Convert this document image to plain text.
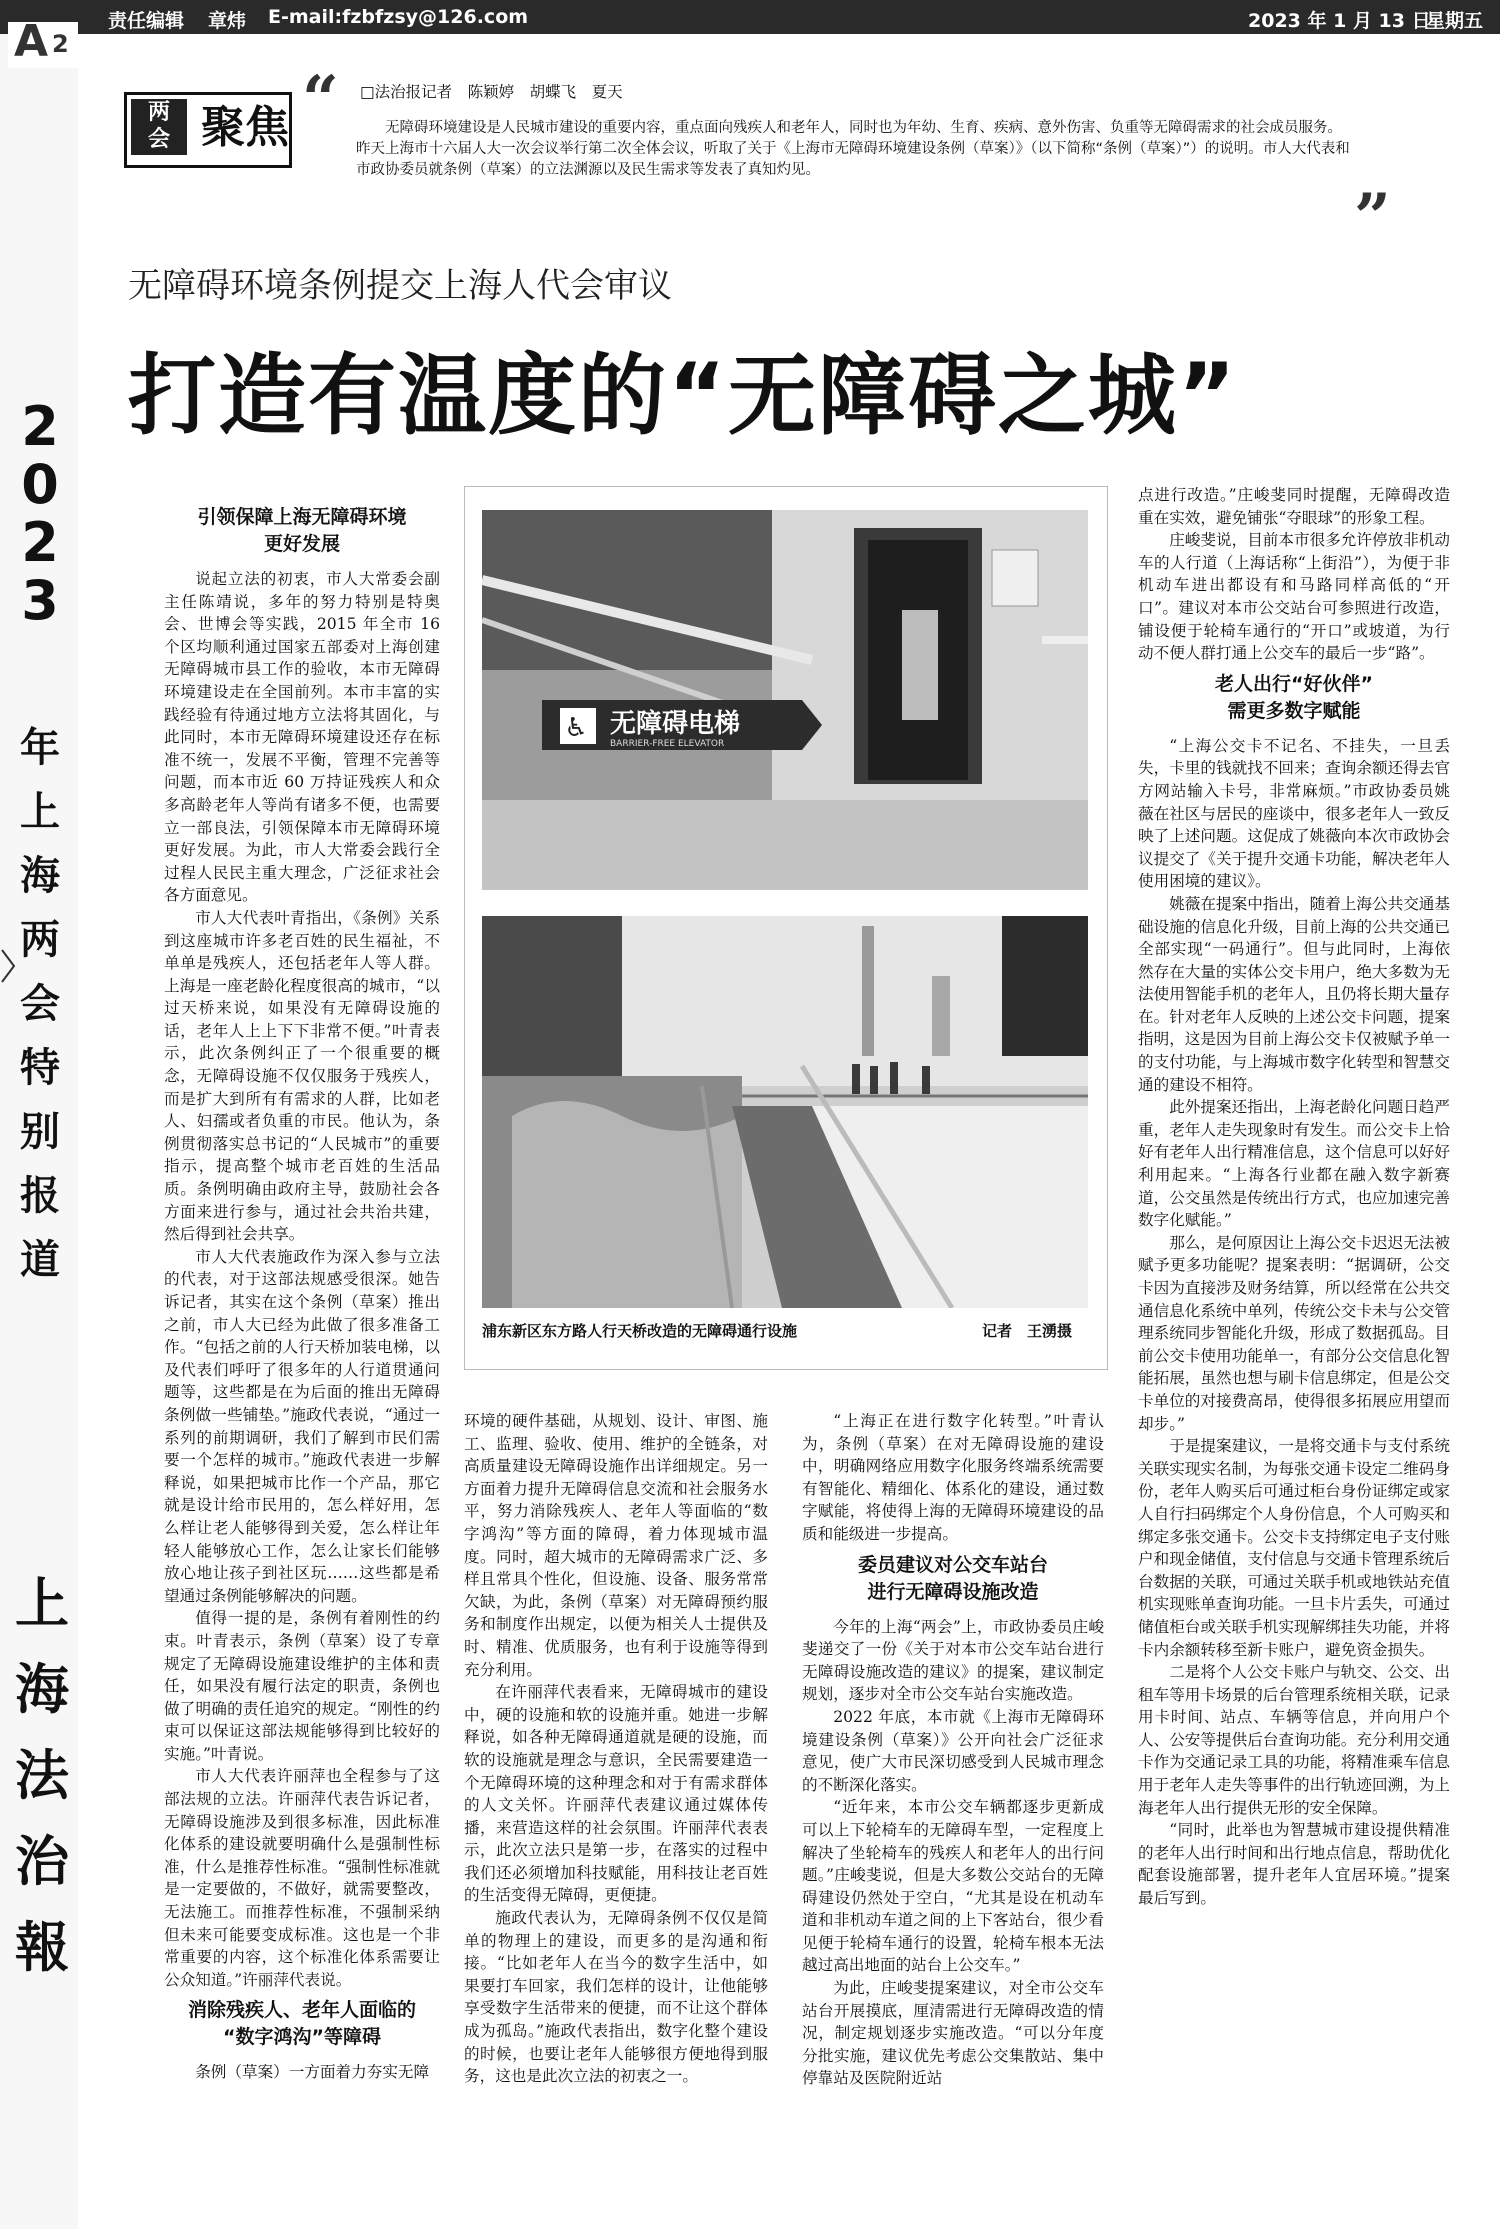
责任编辑 章炜 E-mail:fzbfzsy@126.com	2023 年 1 月 13 日
星期五
A 2
2
0
2
3
年
上
海
两
会
特
别
报
道
上
海
法
治
報
两
会 聚焦 “
”
□法治报记者　陈颖婷　胡蝶飞　夏天
无障碍环境建设是人民城市建设的重要内容，重点面向残疾人和老年人，同时也为年幼、生育、疾病、意外伤害、负重等无障碍需求的社会成员服务。昨天上海市十六届人大一次会议举行第二次全体会议，听取了关于《上海市无障碍环境建设条例（草案）》（以下简称“条例（草案）”）的说明。市人大代表和市政协委员就条例（草案）的立法渊源以及民生需求等发表了真知灼见。
无障碍环境条例提交上海人代会审议
打造有温度的“无障碍之城”
引领保障上海无障碍环境
更好发展

说起立法的初衷，市人大常委会副主任陈靖说，多年的努力特别是特奥会、世博会等实践，2015 年全市 16 个区均顺利通过国家五部委对上海创建无障碍城市县工作的验收，本市无障碍环境建设走在全国前列。本市丰富的实践经验有待通过地方立法将其固化，与此同时，本市无障碍环境建设还存在标准不统一，发展不平衡，管理不完善等问题，而本市近 60 万持证残疾人和众多高龄老年人等尚有诸多不便，也需要立一部良法，引领保障本市无障碍环境更好发展。为此，市人大常委会践行全过程人民民主重大理念，广泛征求社会各方面意见。

市人大代表叶青指出，《条例》关系到这座城市许多老百姓的民生福祉，不单单是残疾人，还包括老年人等人群。上海是一座老龄化程度很高的城市，“以过天桥来说，如果没有无障碍设施的话，老年人上上下下非常不便。”叶青表示，此次条例纠正了一个很重要的概念，无障碍设施不仅仅服务于残疾人，而是扩大到所有有需求的人群，比如老人、妇孺或者负重的市民。他认为，条例贯彻落实总书记的“人民城市”的重要指示，提高整个城市老百姓的生活品质。条例明确由政府主导，鼓励社会各方面来进行参与，通过社会共治共建，然后得到社会共享。

市人大代表施政作为深入参与立法的代表，对于这部法规感受很深。她告诉记者，其实在这个条例（草案）推出之前，市人大已经为此做了很多准备工作。“包括之前的人行天桥加装电梯，以及代表们呼吁了很多年的人行道贯通问题等，这些都是在为后面的推出无障碍条例做一些铺垫。”施政代表说，“通过一系列的前期调研，我们了解到市民们需要一个怎样的城市。”施政代表进一步解释说，如果把城市比作一个产品，那它就是设计给市民用的，怎么样好用，怎么样让老人能够得到关爱，怎么样让年轻人能够放心工作，怎么让家长们能够放心地让孩子到社区玩……这些都是希望通过条例能够解决的问题。

值得一提的是，条例有着刚性的约束。叶青表示，条例（草案）设了专章规定了无障碍设施建设维护的主体和责任，如果没有履行法定的职责，条例也做了明确的责任追究的规定。“刚性的约束可以保证这部法规能够得到比较好的实施。”叶青说。

市人大代表许丽萍也全程参与了这部法规的立法。许丽萍代表告诉记者，无障碍设施涉及到很多标准，因此标准化体系的建设就要明确什么是强制性标准，什么是推荐性标准。“强制性标准就是一定要做的，不做好，就需要整改，无法施工。而推荐性标准，不强制采纳但未来可能要变成标准。这也是一个非常重要的内容，这个标准化体系需要让公众知道。”许丽萍代表说。

消除残疾人、老年人面临的
“数字鸿沟”等障碍

条例（草案）一方面着力夯实无障

♿ 无障碍电梯
BARRIER-FREE ELEVATOR
浦东新区东方路人行天桥改造的无障碍通行设施	记者　王湧摄

环境的硬件基础，从规划、设计、审图、施工、监理、验收、使用、维护的全链条，对高质量建设无障碍设施作出详细规定。另一方面着力提升无障碍信息交流和社会服务水平，努力消除残疾人、老年人等面临的“数字鸿沟”等方面的障碍，着力体现城市温度。同时，超大城市的无障碍需求广泛、多样且常具个性化，但设施、设备、服务常常欠缺，为此，条例（草案）对无障碍预约服务和制度作出规定，以便为相关人士提供及时、精准、优质服务，也有利于设施等得到充分利用。

在许丽萍代表看来，无障碍城市的建设中，硬的设施和软的设施并重。她进一步解释说，如各种无障碍通道就是硬的设施，而软的设施就是理念与意识，全民需要建造一个无障碍环境的这种理念和对于有需求群体的人文关怀。许丽萍代表建议通过媒体传播，来营造这样的社会氛围。许丽萍代表表示，此次立法只是第一步，在落实的过程中我们还必须增加科技赋能，用科技让老百姓的生活变得无障碍，更便捷。

施政代表认为，无障碍条例不仅仅是简单的物理上的建设，而更多的是沟通和衔接。“比如老年人在当今的数字生活中，如果要打车回家，我们怎样的设计，让他能够享受数字生活带来的便捷，而不让这个群体成为孤岛。”施政代表指出，数字化整个建设的时候，也要让老年人能够很方便地得到服务，这也是此次立法的初衷之一。

“上海正在进行数字化转型。”叶青认为，条例（草案）在对无障碍设施的建设中，明确网络应用数字化服务终端系统需要有智能化、精细化、体系化的建设，通过数字赋能，将使得上海的无障碍环境建设的品质和能级进一步提高。

委员建议对公交车站台
进行无障碍设施改造

今年的上海“两会”上，市政协委员庄峻斐递交了一份《关于对本市公交车站台进行无障碍设施改造的建议》的提案，建议制定规划，逐步对全市公交车站台实施改造。

2022 年底，本市就《上海市无障碍环境建设条例（草案）》公开向社会广泛征求意见，使广大市民深切感受到人民城市理念的不断深化落实。

“近年来，本市公交车辆都逐步更新成可以上下轮椅车的无障碍车型，一定程度上解决了坐轮椅车的残疾人和老年人的出行问题。”庄峻斐说，但是大多数公交站台的无障碍建设仍然处于空白，“尤其是设在机动车道和非机动车道之间的上下客站台，很少看见便于轮椅车通行的设置，轮椅车根本无法越过高出地面的站台上公交车。”

为此，庄峻斐提案建议，对全市公交车站台开展摸底，厘清需进行无障碍改造的情况，制定规划逐步实施改造。“可以分年度分批实施，建议优先考虑公交集散站、集中停靠站及医院附近站

点进行改造。”庄峻斐同时提醒，无障碍改造重在实效，避免铺张“夺眼球”的形象工程。

庄峻斐说，目前本市很多允许停放非机动车的人行道（上海话称“上街沿”），为便于非机动车进出都设有和马路同样高低的“开口”。建议对本市公交站台可参照进行改造，铺设便于轮椅车通行的“开口”或坡道，为行动不便人群打通上公交车的最后一步“路”。

老人出行“好伙伴”
需更多数字赋能

“上海公交卡不记名、不挂失，一旦丢失，卡里的钱就找不回来；查询余额还得去官方网站输入卡号，非常麻烦。”市政协委员姚薇在社区与居民的座谈中，很多老年人一致反映了上述问题。这促成了姚薇向本次市政协会议提交了《关于提升交通卡功能，解决老年人使用困境的建议》。

姚薇在提案中指出，随着上海公共交通基础设施的信息化升级，目前上海的公共交通已全部实现“一码通行”。但与此同时，上海依然存在大量的实体公交卡用户，绝大多数为无法使用智能手机的老年人，且仍将长期大量存在。针对老年人反映的上述公交卡问题，提案指明，这是因为目前上海公交卡仅被赋予单一的支付功能，与上海城市数字化转型和智慧交通的建设不相符。

此外提案还指出，上海老龄化问题日趋严重，老年人走失现象时有发生。而公交卡上恰好有老年人出行精准信息，这个信息可以好好利用起来。“上海各行业都在融入数字新赛道，公交虽然是传统出行方式，也应加速完善数字化赋能。”

那么，是何原因让上海公交卡迟迟无法被赋予更多功能呢？提案表明：“据调研，公交卡因为直接涉及财务结算，所以经常在公共交通信息化系统中单列，传统公交卡未与公交管理系统同步智能化升级，形成了数据孤岛。目前公交卡使用功能单一，有部分公交信息化智能拓展，虽然也想与刷卡信息绑定，但是公交卡单位的对接费高昂，使得很多拓展应用望而却步。”

于是提案建议，一是将交通卡与支付系统关联实现实名制，为每张交通卡设定二维码身份，老年人购买后可通过柜台身份证绑定或家人自行扫码绑定个人身份信息，个人可购买和绑定多张交通卡。公交卡支持绑定电子支付账户和现金储值，支付信息与交通卡管理系统后台数据的关联，可通过关联手机或地铁站充值机实现账单查询功能。一旦卡片丢失，可通过储值柜台或关联手机实现解绑挂失功能，并将卡内余额转移至新卡账户，避免资金损失。

二是将个人公交卡账户与轨交、公交、出租车等用卡场景的后台管理系统相关联，记录用卡时间、站点、车辆等信息，并向用户个人、公安等提供后台查询功能。充分利用交通卡作为交通记录工具的功能，将精准乘车信息用于老年人走失等事件的出行轨迹回溯，为上海老年人出行提供无形的安全保障。

“同时，此举也为智慧城市建设提供精准的老年人出行时间和出行地点信息，帮助优化配套设施部署，提升老年人宜居环境。”提案最后写到。
